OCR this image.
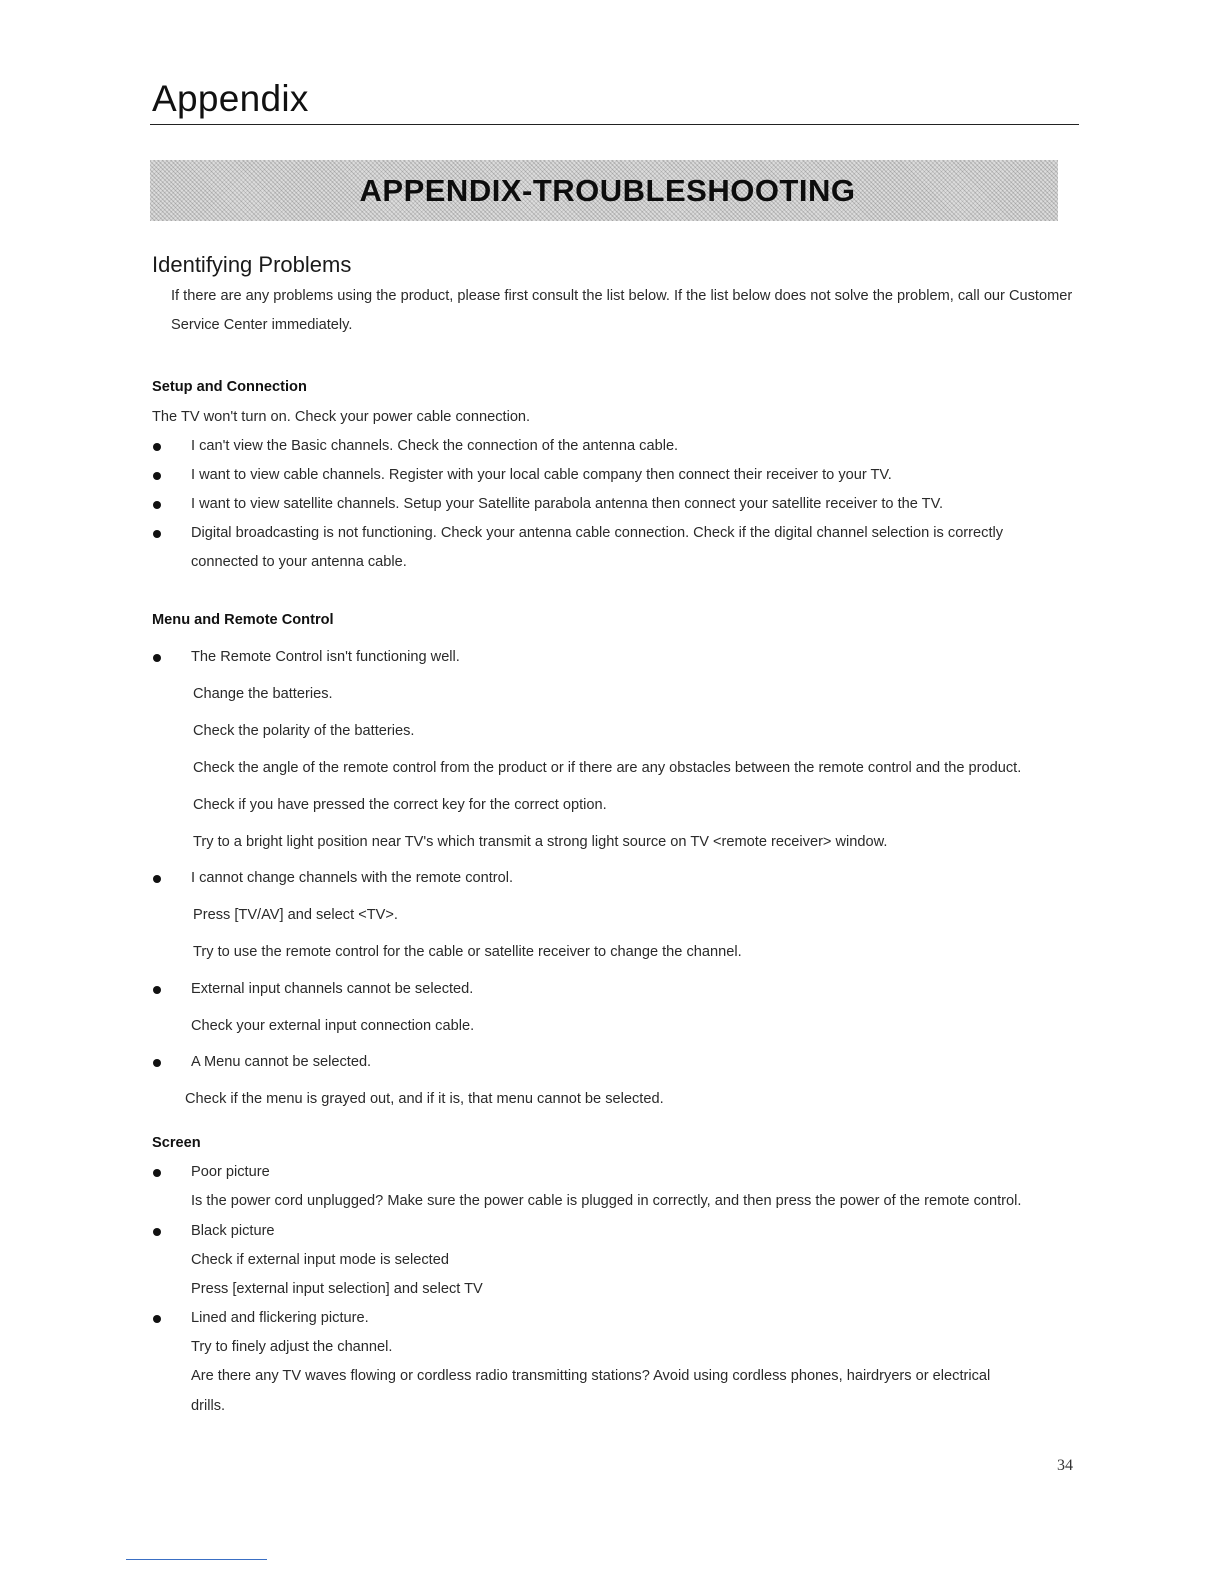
Appendix
APPENDIX-TROUBLESHOOTING
Identifying Problems
If there are any problems using the product, please first consult the list below. If the list below does not solve the problem, call our Customer Service Center immediately.
Setup and Connection
The TV won't turn on. Check your power cable connection.
I can't view the Basic channels. Check the connection of the antenna cable.
I want to view cable channels. Register with your local cable company then connect their receiver to your TV.
I want to view satellite channels. Setup your Satellite parabola antenna then connect your satellite receiver to the TV.
Digital broadcasting is not functioning. Check your antenna cable connection. Check if the digital channel selection is correctly
connected to your antenna cable.
Menu and Remote Control
The Remote Control isn't functioning well.
Change the batteries.
Check the polarity of the batteries.
Check the angle of the remote control from the product or if there are any obstacles between the remote control and the product.
Check if you have pressed the correct key for the correct option.
Try to a bright light position near TV's which transmit a strong light source on TV <remote receiver> window.
I cannot change channels with the remote control.
Press [TV/AV] and select <TV>.
Try to use the remote control for the cable or satellite receiver to change the channel.
External input channels cannot be selected.
Check your external input connection cable.
A Menu cannot be selected.
Check if the menu is grayed out, and if it is, that menu cannot be selected.
Screen
Poor picture
Is the power cord unplugged? Make sure the power cable is plugged in correctly, and then press the power of the remote control.
Black picture
Check if external input mode is selected
Press [external input selection] and select TV
Lined and flickering picture.
Try to finely adjust the channel.
Are there any TV waves flowing or cordless radio transmitting stations? Avoid using cordless phones, hairdryers or electrical
drills.
34
